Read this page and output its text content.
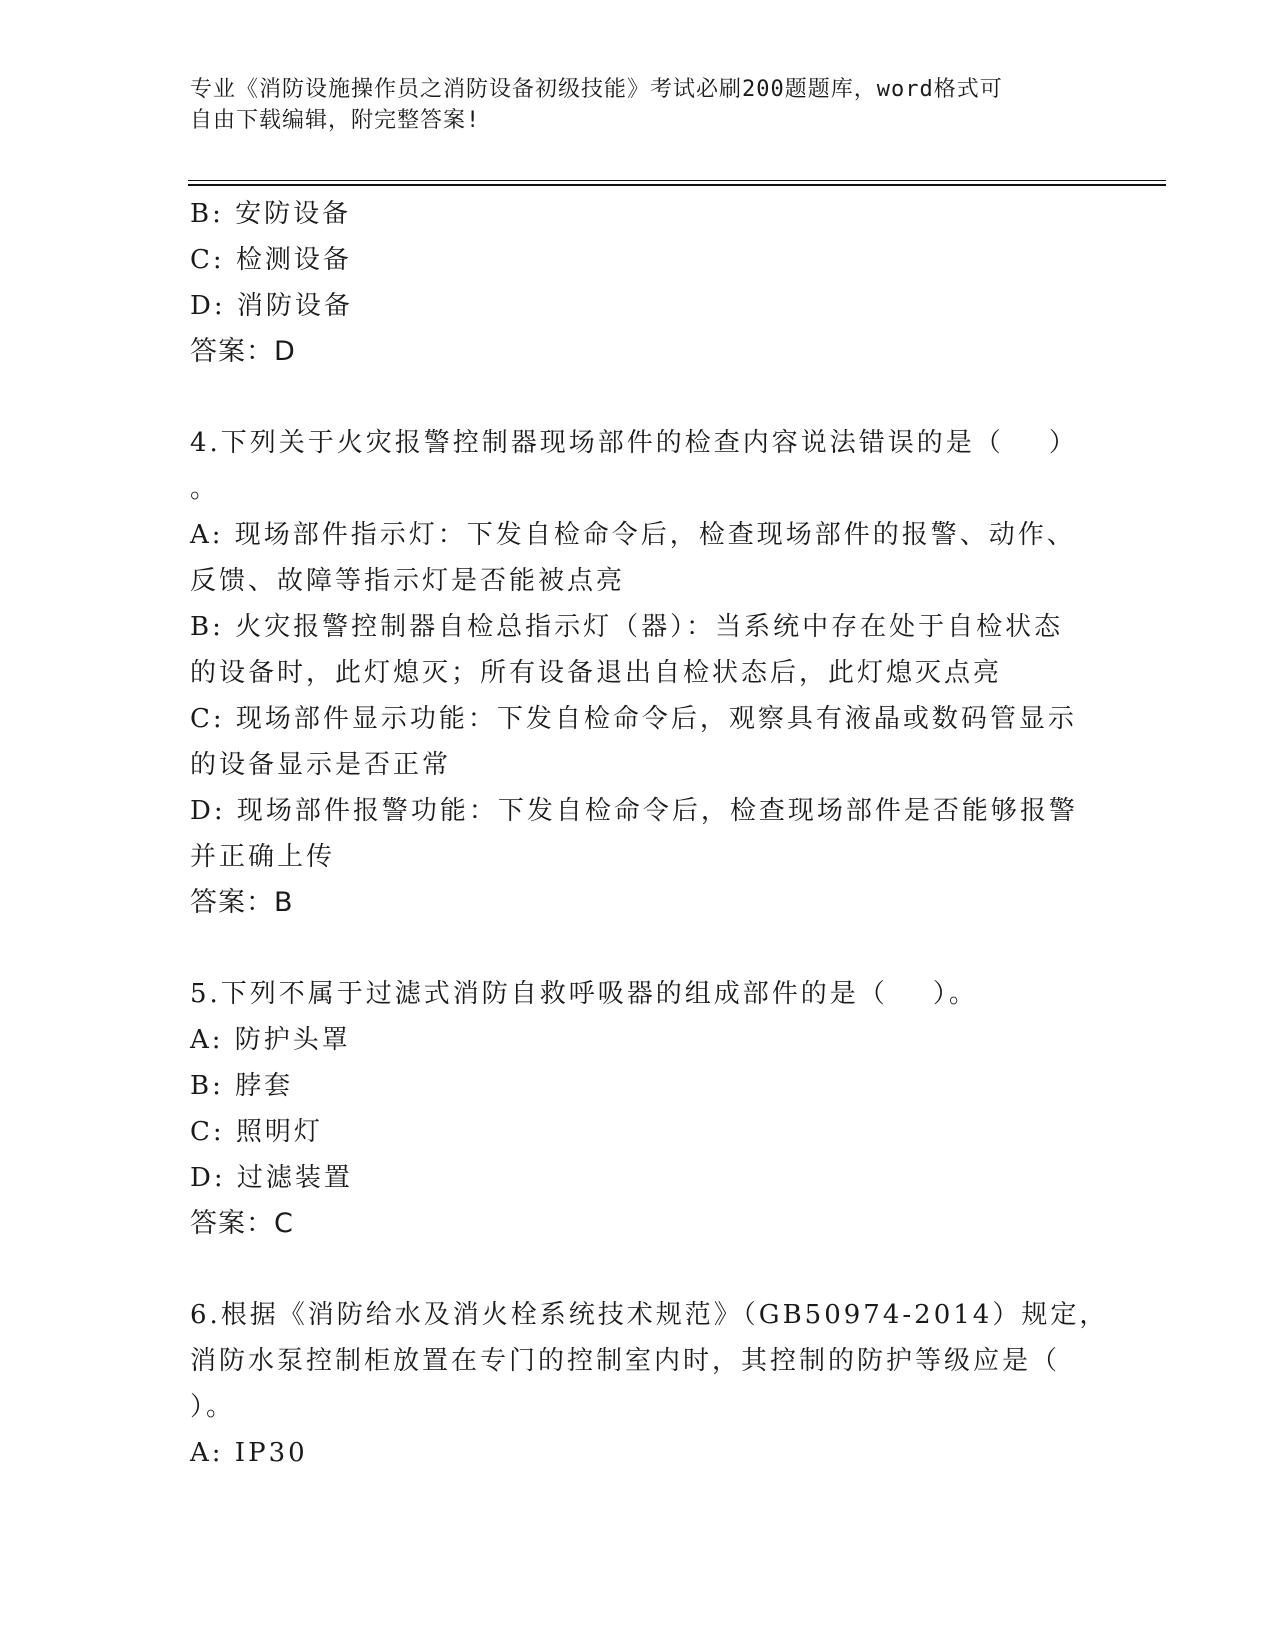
专业《消防设施操作员之消防设备初级技能》考试必刷200题题库，word格式可
自由下载编辑，附完整答案!
B: 安防设备
C: 检测设备
D: 消防设备
答案：D
4.下列关于火灾报警控制器现场部件的检查内容说法错误的是（    ）
。
A: 现场部件指示灯：下发自检命令后，检查现场部件的报警、动作、
反馈、故障等指示灯是否能被点亮
B: 火灾报警控制器自检总指示灯（器）：当系统中存在处于自检状态
的设备时，此灯熄灭；所有设备退出自检状态后，此灯熄灭点亮
C: 现场部件显示功能：下发自检命令后，观察具有液晶或数码管显示
的设备显示是否正常
D: 现场部件报警功能：下发自检命令后，检查现场部件是否能够报警
并正确上传
答案：B
5.下列不属于过滤式消防自救呼吸器的组成部件的是（    ）。
A: 防护头罩
B: 脖套
C: 照明灯
D: 过滤装置
答案：C
6.根据《消防给水及消火栓系统技术规范》（GB50974-2014）规定，
消防水泵控制柜放置在专门的控制室内时，其控制的防护等级应是（
）。
A: IP30
